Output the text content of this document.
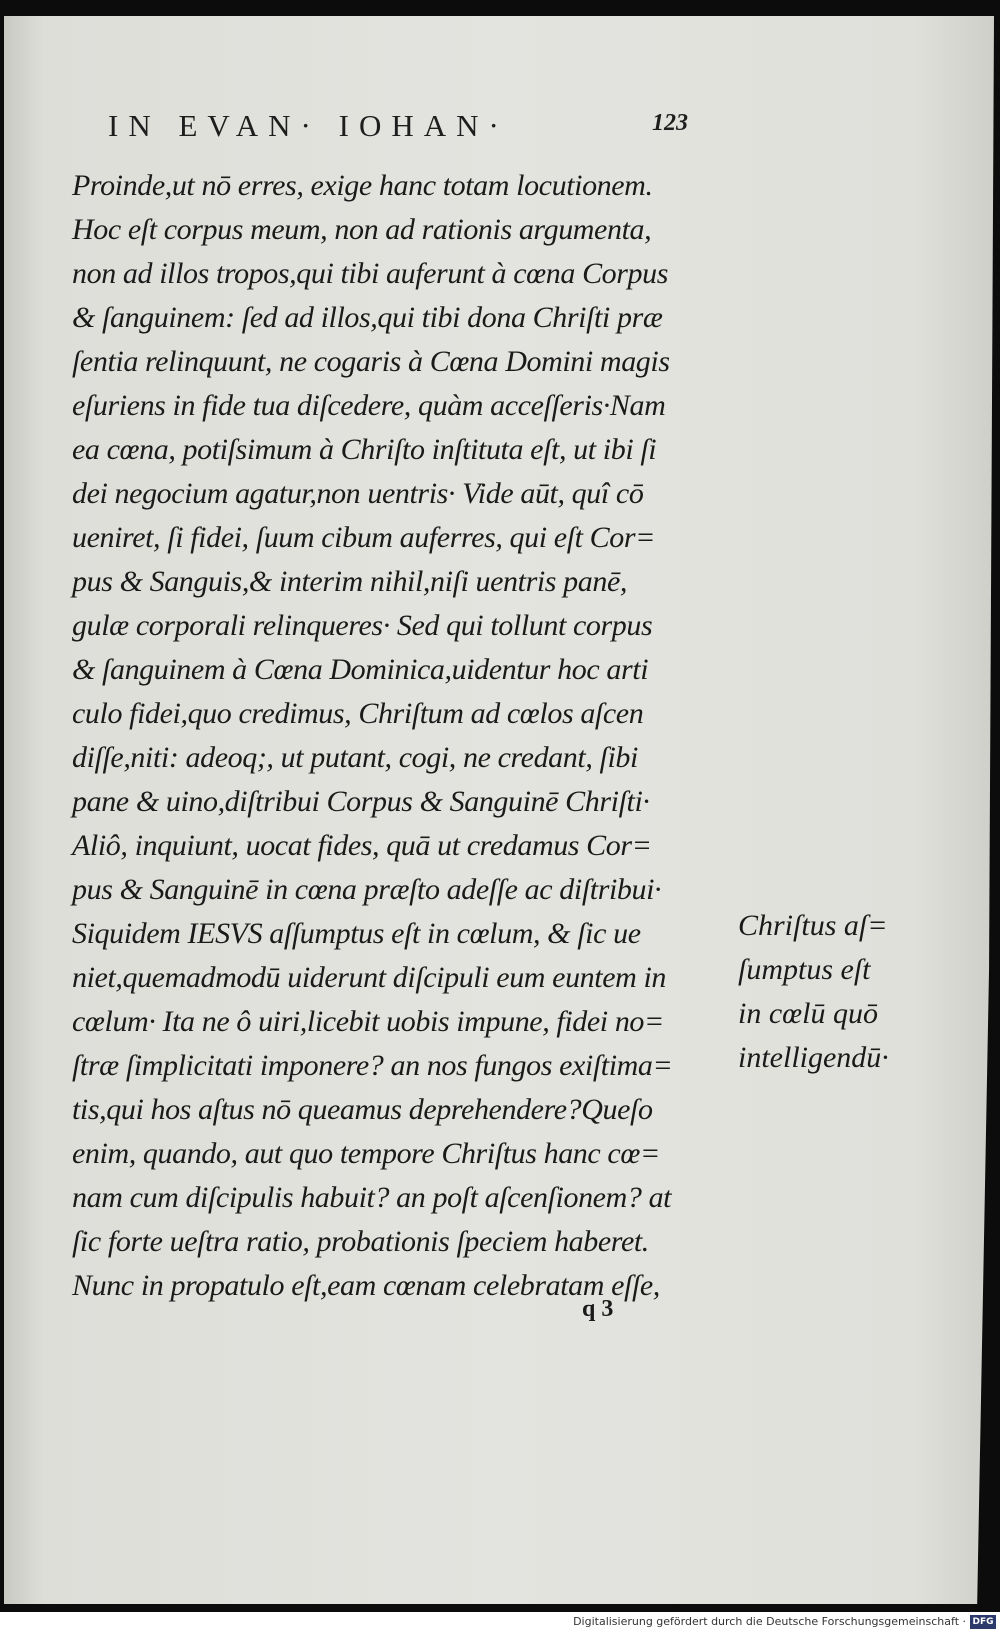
IN EVAN· IOHAN·	123
Proinde,ut nō erres, exige hanc totam locutionem.
Hoc eſt corpus meum, non ad rationis argumenta,
non ad illos tropos,qui tibi auferunt à cœna Corpus
& ſanguinem: ſed ad illos,qui tibi dona Chriſti præ
ſentia relinquunt, ne cogaris à Cœna Domini magis
eſuriens in fide tua diſcedere, quàm acceſſeris·Nam
ea cœna, potiſsimum à Chriſto inſtituta eſt, ut ibi ſi
dei negocium agatur,non uentris· Vide aūt, quî cō
ueniret, ſi fidei, ſuum cibum auferres, qui eſt Cor=
pus & Sanguis,& interim nihil,niſi uentris panē,
gulæ corporali relinqueres· Sed qui tollunt corpus
& ſanguinem à Cœna Dominica,uidentur hoc arti
culo fidei,quo credimus, Chriſtum ad cœlos aſcen
diſſe,niti: adeoq;, ut putant, cogi, ne credant, ſibi
pane & uino,diſtribui Corpus & Sanguinē Chriſti·
Aliô, inquiunt, uocat fides, quā ut credamus Cor=
pus & Sanguinē in cœna præſto adeſſe ac diſtribui·
Siquidem IESVS aſſumptus eſt in cœlum, & ſic ue
niet,quemadmodū uiderunt diſcipuli eum euntem in
cœlum· Ita ne ô uiri,licebit uobis impune, fidei no=
ſtræ ſimplicitati imponere? an nos fungos exiſtima=
tis,qui hos aſtus nō queamus deprehendere?Queſo
enim, quando, aut quo tempore Chriſtus hanc cœ=
nam cum diſcipulis habuit? an poſt aſcenſionem? at
ſic forte ueſtra ratio, probationis ſpeciem haberet.
Nunc in propatulo eſt,eam cœnam celebratam eſſe,
Chriſtus aſ=
ſumptus eſt
in cœlū quō
intelligendū·
q 3
Digitalisierung gefördert durch die Deutsche Forschungsgemeinschaft · DFG
